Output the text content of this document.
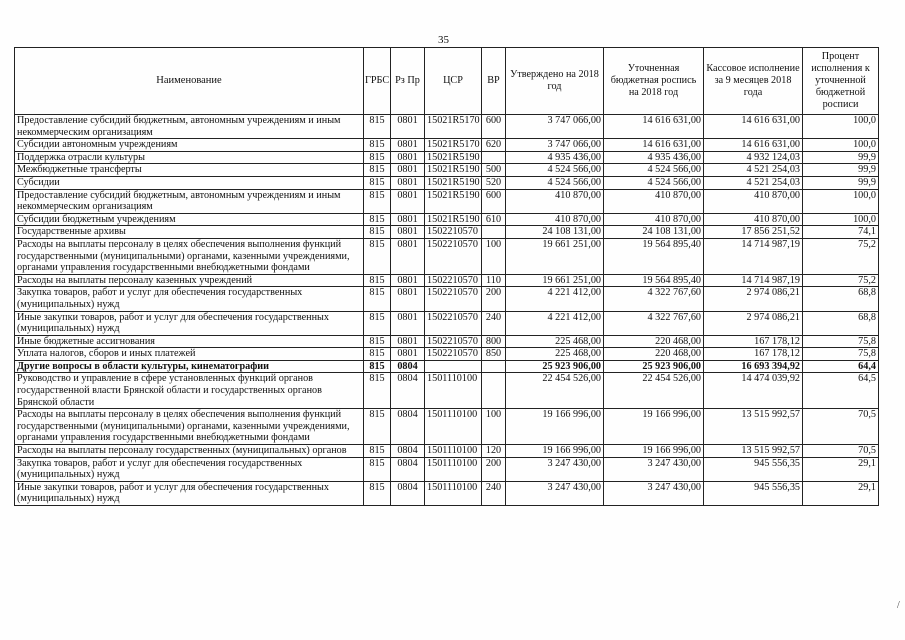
35
Наименование	ГРБС	Рз Пр	ЦСР	ВР	Утверждено на 2018 год	Уточненная бюджетная роспись на 2018 год	Кассовое исполнение за 9 месяцев 2018 года	Процент исполнения к уточненной бюджетной росписи
Предоставление субсидий бюджетным, автономным учреждениям и иным некоммерческим организациям	815	0801	15021R5170	600	3 747 066,00	14 616 631,00	14 616 631,00	100,0
Субсидии автономным учреждениям	815	0801	15021R5170	620	3 747 066,00	14 616 631,00	14 616 631,00	100,0
Поддержка отрасли культуры	815	0801	15021R5190		4 935 436,00	4 935 436,00	4 932 124,03	99,9
Межбюджетные трансферты	815	0801	15021R5190	500	4 524 566,00	4 524 566,00	4 521 254,03	99,9
Субсидии	815	0801	15021R5190	520	4 524 566,00	4 524 566,00	4 521 254,03	99,9
Предоставление субсидий бюджетным, автономным учреждениям и иным некоммерческим организациям	815	0801	15021R5190	600	410 870,00	410 870,00	410 870,00	100,0
Субсидии бюджетным учреждениям	815	0801	15021R5190	610	410 870,00	410 870,00	410 870,00	100,0
Государственные архивы	815	0801	1502210570		24 108 131,00	24 108 131,00	17 856 251,52	74,1
Расходы на выплаты персоналу в целях обеспечения выполнения функций государственными (муниципальными) органами, казенными учреждениями, органами управления государственными внебюджетными фондами	815	0801	1502210570	100	19 661 251,00	19 564 895,40	14 714 987,19	75,2
Расходы на выплаты персоналу казенных учреждений	815	0801	1502210570	110	19 661 251,00	19 564 895,40	14 714 987,19	75,2
Закупка товаров, работ и услуг для обеспечения государственных (муниципальных) нужд	815	0801	1502210570	200	4 221 412,00	4 322 767,60	2 974 086,21	68,8
Иные закупки товаров, работ и услуг для обеспечения государственных (муниципальных) нужд	815	0801	1502210570	240	4 221 412,00	4 322 767,60	2 974 086,21	68,8
Иные бюджетные ассигнования	815	0801	1502210570	800	225 468,00	220 468,00	167 178,12	75,8
Уплата налогов, сборов и иных платежей	815	0801	1502210570	850	225 468,00	220 468,00	167 178,12	75,8
Другие вопросы в области культуры, кинематографии	815	0804			25 923 906,00	25 923 906,00	16 693 394,92	64,4
Руководство и управление в сфере установленных функций органов государственной власти Брянской области и государственных органов Брянской области	815	0804	1501110100		22 454 526,00	22 454 526,00	14 474 039,92	64,5
Расходы на выплаты персоналу в целях обеспечения выполнения функций государственными (муниципальными) органами, казенными учреждениями, органами управления государственными внебюджетными фондами	815	0804	1501110100	100	19 166 996,00	19 166 996,00	13 515 992,57	70,5
Расходы на выплаты персоналу государственных (муниципальных) органов	815	0804	1501110100	120	19 166 996,00	19 166 996,00	13 515 992,57	70,5
Закупка товаров, работ и услуг для обеспечения государственных (муниципальных) нужд	815	0804	1501110100	200	3 247 430,00	3 247 430,00	945 556,35	29,1
Иные закупки товаров, работ и услуг для обеспечения государственных (муниципальных) нужд	815	0804	1501110100	240	3 247 430,00	3 247 430,00	945 556,35	29,1
/
